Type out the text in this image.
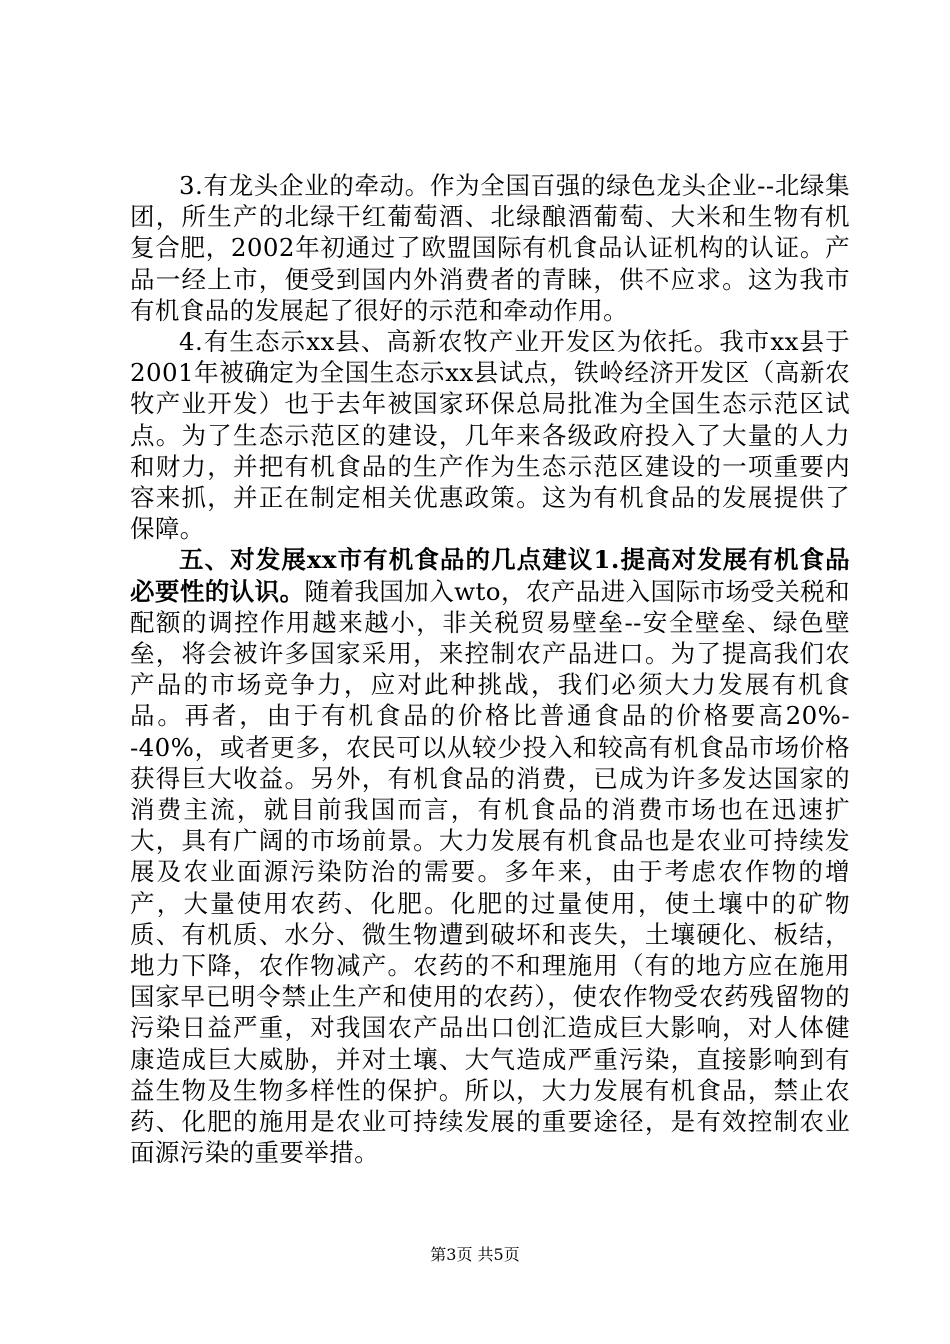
3.有龙头企业的牵动。作为全国百强的绿色龙头企业--北绿集团，所生产的北绿干红葡萄酒、北绿酿酒葡萄、大米和生物有机复合肥，2002年初通过了欧盟国际有机食品认证机构的认证。产品一经上市，便受到国内外消费者的青睐，供不应求。这为我市有机食品的发展起了很好的示范和牵动作用。

4.有生态示xx县、高新农牧产业开发区为依托。我市xx县于2001年被确定为全国生态示xx县试点，铁岭经济开发区（高新农牧产业开发）也于去年被国家环保总局批准为全国生态示范区试点。为了生态示范区的建设，几年来各级政府投入了大量的人力和财力，并把有机食品的生产作为生态示范区建设的一项重要内容来抓，并正在制定相关优惠政策。这为有机食品的发展提供了保障。

五、对发展xx市有机食品的几点建议1.提高对发展有机食品必要性的认识。随着我国加入wto，农产品进入国际市场受关税和配额的调控作用越来越小，非关税贸易壁垒--安全壁垒、绿色壁垒，将会被许多国家采用，来控制农产品进口。为了提高我们农产品的市场竞争力，应对此种挑战，我们必须大力发展有机食品。再者，由于有机食品的价格比普通食品的价格要高20%--40%，或者更多，农民可以从较少投入和较高有机食品市场价格获得巨大收益。另外，有机食品的消费，已成为许多发达国家的消费主流，就目前我国而言，有机食品的消费市场也在迅速扩大，具有广阔的市场前景。大力发展有机食品也是农业可持续发展及农业面源污染防治的需要。多年来，由于考虑农作物的增产，大量使用农药、化肥。化肥的过量使用，使土壤中的矿物质、有机质、水分、微生物遭到破坏和丧失，土壤硬化、板结，地力下降，农作物减产。农药的不和理施用（有的地方应在施用国家早已明令禁止生产和使用的农药），使农作物受农药残留物的污染日益严重，对我国农产品出口创汇造成巨大影响，对人体健康造成巨大威胁，并对土壤、大气造成严重污染，直接影响到有益生物及生物多样性的保护。所以，大力发展有机食品，禁止农药、化肥的施用是农业可持续发展的重要途径，是有效控制农业面源污染的重要举措。

第3页 共5页
